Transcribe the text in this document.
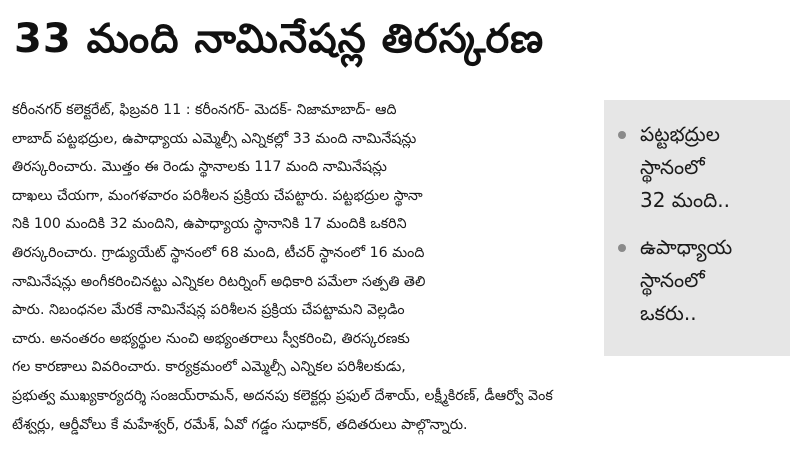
33 మంది నామినేషన్ల తిరస్కరణ
కరీంనగర్ కలెక్టరేట్, ఫిబ్రవరి 11 : కరీంనగర్- మెదక్- నిజామాబాద్- ఆది
లాబాద్ పట్టభద్రుల, ఉపాధ్యాయ ఎమ్మెల్సీ ఎన్నికల్లో 33 మంది నామినేషన్లు
తిరస్కరించారు. మొత్తం ఈ రెండు స్థానాలకు 117 మంది నామినేషన్లు
దాఖలు చేయగా, మంగళవారం పరిశీలన ప్రక్రియ చేపట్టారు. పట్టభద్రుల స్థానా
నికి 100 మందికి 32 మందిని, ఉపాధ్యాయ స్థానానికి 17 మందికి ఒకరిని
తిరస్కరించారు. గ్రాడ్యుయేట్ స్థానంలో 68 మంది, టీచర్ స్థానంలో 16 మంది
నామినేషన్లు అంగీకరించినట్టు ఎన్నికల రిటర్నింగ్ అధికారి పమేలా సత్పతి తెలి
పారు. నిబంధనల మేరకే నామినేషన్ల పరిశీలన ప్రక్రియ చేపట్టామని వెల్లడిం
చారు. అనంతరం అభ్యర్థుల నుంచి అభ్యంతరాలు స్వీకరించి, తిరస్కరణకు
గల కారణాలు వివరించారు. కార్యక్రమంలో ఎమ్మెల్సీ ఎన్నికల పరిశీలకుడు,
ప్రభుత్వ ముఖ్యకార్యదర్శి సంజయ్‌రామన్, అదనపు కలెక్టర్లు ప్రఫుల్ దేశాయ్, లక్ష్మీకిరణ్, డీఆర్వో వెంక
టేశ్వర్లు, ఆర్డీవోలు కే మహేశ్వర్, రమేశ్, ఏవో గడ్డం సుధాకర్, తదితరులు పాల్గొన్నారు.
పట్టభద్రుల
స్థానంలో
32 మంది..
ఉపాధ్యాయ
స్థానంలో
ఒకరు..
